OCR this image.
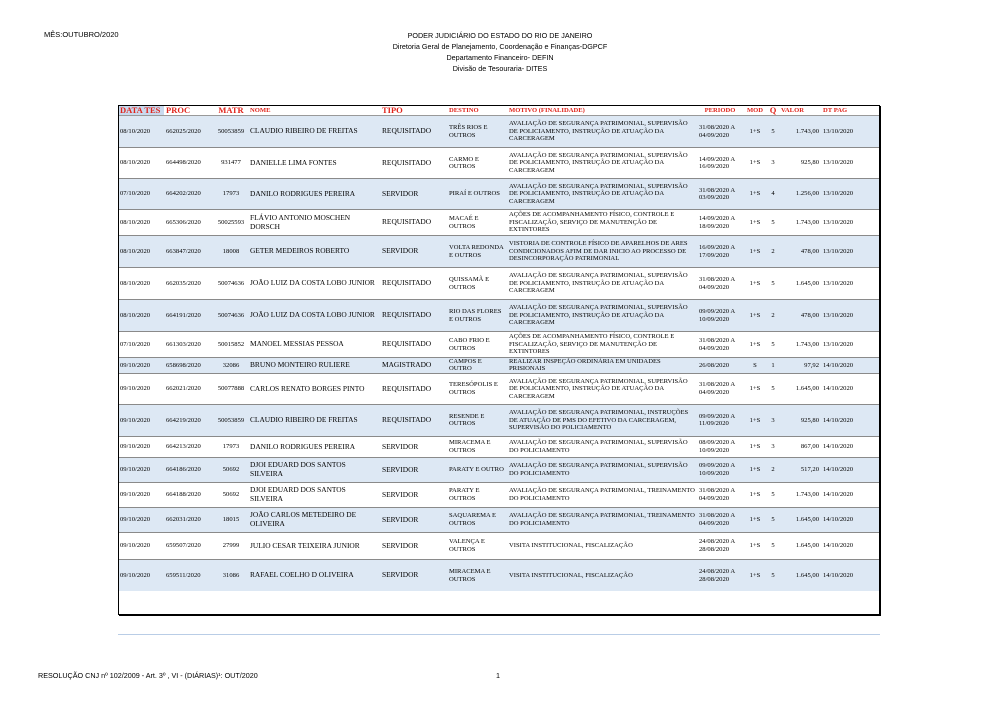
MÊS:OUTUBRO/2020	PODER JUDICIÁRIO DO ESTADO DO RIO DE JANEIRO
Diretoria Geral de Planejamento, Coordenação e Finanças-DGPCF
Departamento Financeiro- DEFIN
Divisão de Tesouraria- DITES
DATA TES	PROC	MATR	NOME	TIPO	DESTINO	MOTIVO (FINALIDADE)	PERIODO	MOD	Q	VALOR	DT PAG
08/10/2020	662025/2020	50053859	CLAUDIO RIBEIRO DE FREITAS	REQUISITADO	TRÊS RIOS E OUTROS	AVALIAÇÃO DE SEGURANÇA PATRIMONIAL, SUPERVISÃO DE POLICIAMENTO, INSTRUÇÃO DE ATUAÇÃO DA CARCERAGEM	31/08/2020 A 04/09/2020	1+S	5	1.743,00	13/10/2020
08/10/2020	664498/2020	931477	DANIELLE LIMA FONTES	REQUISITADO	CARMO E OUTROS	AVALIAÇÃO DE SEGURANÇA PATRIMONIAL, SUPERVISÃO DE POLICIAMENTO, INSTRUÇÃO DE ATUAÇÃO DA CARCERAGEM	14/09/2020 A 16/09/2020	1+S	3	925,80	13/10/2020
07/10/2020	664202/2020	17973	DANILO RODRIGUES PEREIRA	SERVIDOR	PIRAÍ E OUTROS	AVALIAÇÃO DE SEGURANÇA PATRIMONIAL, SUPERVISÃO DE POLICIAMENTO, INSTRUÇÃO DE ATUAÇÃO DA CARCERAGEM	31/08/2020 A 03/09/2020	1+S	4	1.256,00	13/10/2020
08/10/2020	665306/2020	50025593	FLÁVIO ANTONIO MOSCHEN DORSCH	REQUISITADO	MACAÉ E OUTROS	AÇÕES DE ACOMPANHAMENTO FÍSICO, CONTROLE E FISCALIZAÇÃO, SERVIÇO DE MANUTENÇÃO DE EXTINTORES	14/09/2020 A 18/09/2020	1+S	5	1.743,00	13/10/2020
08/10/2020	663847/2020	18008	GETER MEDEIROS ROBERTO	SERVIDOR	VOLTA REDONDA E OUTROS	VISTORIA DE CONTROLE FÍSICO DE APARELHOS DE ARES CONDICIONADOS AFIM DE DAR INICIO AO PROCESSO DE DESINCORPORAÇÃO PATRIMONIAL	16/09/2020 A 17/09/2020	1+S	2	478,00	13/10/2020
08/10/2020	662035/2020	50074636	JOÃO LUIZ DA COSTA LOBO JUNIOR	REQUISITADO	QUISSAMÃ E OUTROS	AVALIAÇÃO DE SEGURANÇA PATRIMONIAL, SUPERVISÃO DE POLICIAMENTO, INSTRUÇÃO DE ATUAÇÃO DA CARCERAGEM	31/08/2020 A 04/09/2020	1+S	5	1.645,00	13/10/2020
08/10/2020	664191/2020	50074636	JOÃO LUIZ DA COSTA LOBO JUNIOR	REQUISITADO	RIO DAS FLORES E OUTROS	AVALIAÇÃO DE SEGURANÇA PATRIMONIAL, SUPERVISÃO DE POLICIAMENTO, INSTRUÇÃO DE ATUAÇÃO DA CARCERAGEM	09/09/2020 A 10/09/2020	1+S	2	478,00	13/10/2020
07/10/2020	661303/2020	50015852	MANOEL MESSIAS PESSOA	REQUISITADO	CABO FRIO E OUTROS	AÇÕES DE ACOMPANHAMENTO FÍSICO, CONTROLE E FISCALIZAÇÃO, SERVIÇO DE MANUTENÇÃO DE EXTINTORES	31/08/2020 A 04/09/2020	1+S	5	1.743,00	13/10/2020
09/10/2020	658698/2020	32086	BRUNO MONTEIRO RULIERE	MAGISTRADO	CAMPOS E OUTRO	REALIZAR INSPEÇÃO ORDINÁRIA EM UNIDADES PRISIONAIS	26/08/2020	S	1	97,92	14/10/2020
09/10/2020	662021/2020	50077888	CARLOS RENATO BORGES PINTO	REQUISITADO	TERESÓPOLIS E OUTROS	AVALIAÇÃO DE SEGURANÇA PATRIMONIAL, SUPERVISÃO DE POLICIAMENTO, INSTRUÇÃO DE ATUAÇÃO DA CARCERAGEM	31/08/2020 A 04/09/2020	1+S	5	1.645,00	14/10/2020
09/10/2020	664219/2020	50053859	CLAUDIO RIBEIRO DE FREITAS	REQUISITADO	RESENDE E OUTROS	AVALIAÇÃO DE SEGURANÇA PATRIMONIAL, INSTRUÇÕES DE ATUAÇÃO DE PMS DO EFETIVO DA CARCERAGEM, SUPERVISÃO DO POLICIAMENTO	09/09/2020 A 11/09/2020	1+S	3	925,80	14/10/2020
09/10/2020	664213/2020	17973	DANILO RODRIGUES PEREIRA	SERVIDOR	MIRACEMA E OUTROS	AVALIAÇÃO DE SEGURANÇA PATRIMONIAL, SUPERVISÃO DO POLICIAMENTO	08/09/2020 A 10/09/2020	1+S	3	867,00	14/10/2020
09/10/2020	664186/2020	50692	DJOI EDUARD DOS SANTOS SILVEIRA	SERVIDOR	PARATY E OUTRO	AVALIAÇÃO DE SEGURANÇA PATRIMONIAL, SUPERVISÃO DO POLICIAMENTO	09/09/2020 A 10/09/2020	1+S	2	517,20	14/10/2020
09/10/2020	664188/2020	50692	DJOI EDUARD DOS SANTOS SILVEIRA	SERVIDOR	PARATY E OUTROS	AVALIAÇÃO DE SEGURANÇA PATRIMONIAL, TREINAMENTO DO POLICIAMENTO	31/08/2020 A 04/09/2020	1+S	5	1.743,00	14/10/2020
09/10/2020	662031/2020	18015	JOÃO CARLOS METEDEIRO DE OLIVEIRA	SERVIDOR	SAQUAREMA E OUTROS	AVALIAÇÃO DE SEGURANÇA PATRIMONIAL, TREINAMENTO DO POLICIAMENTO	31/08/2020 A 04/09/2020	1+S	5	1.645,00	14/10/2020
09/10/2020	659507/2020	27999	JULIO CESAR TEIXEIRA JUNIOR	SERVIDOR	VALENÇA E OUTROS	VISITA INSTITUCIONAL, FISCALIZAÇÃO	24/08/2020 A 28/08/2020	1+S	5	1.645,00	14/10/2020
09/10/2020	659511/2020	31086	RAFAEL COELHO D OLIVEIRA	SERVIDOR	MIRACEMA E OUTROS	VISITA INSTITUCIONAL, FISCALIZAÇÃO	24/08/2020 A 28/08/2020	1+S	5	1.645,00	14/10/2020
RESOLUÇÃO CNJ nº 102/2009 - Art. 3º , VI - (DIÁRIAS)¹: OUT/2020	1
